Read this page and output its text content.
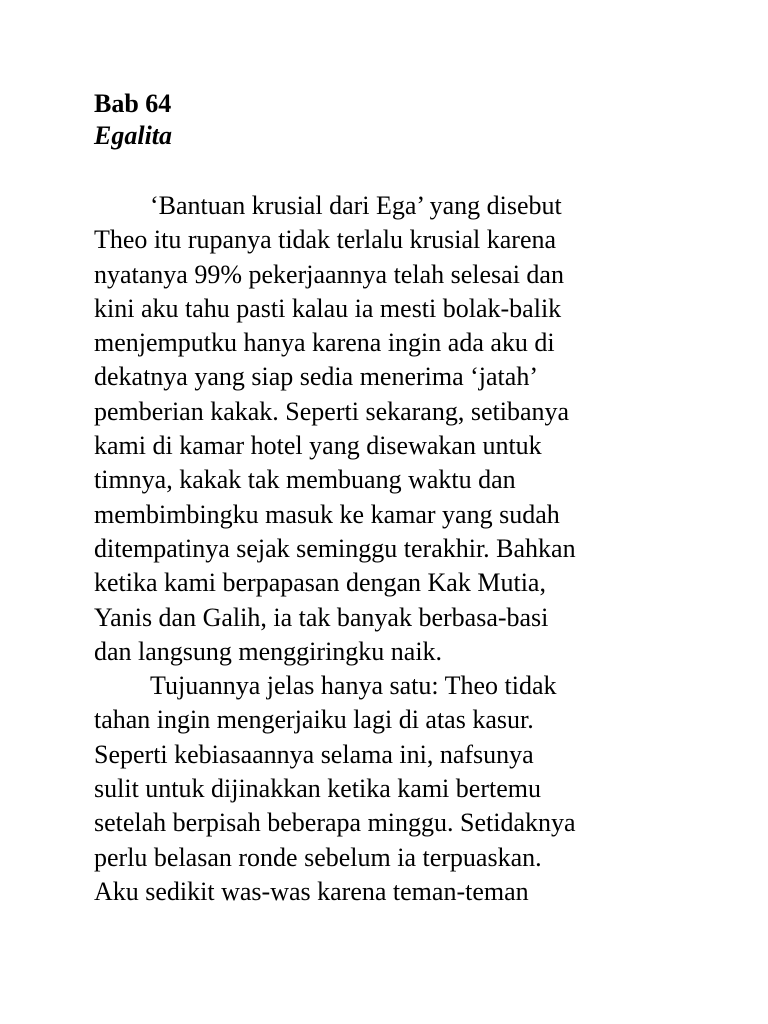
Bab 64
Egalita
‘Bantuan krusial dari Ega’ yang disebut
Theo itu rupanya tidak terlalu krusial karena
nyatanya 99% pekerjaannya telah selesai dan
kini aku tahu pasti kalau ia mesti bolak-balik
menjemputku hanya karena ingin ada aku di
dekatnya yang siap sedia menerima ‘jatah’
pemberian kakak. Seperti sekarang, setibanya
kami di kamar hotel yang disewakan untuk
timnya, kakak tak membuang waktu dan
membimbingku masuk ke kamar yang sudah
ditempatinya sejak seminggu terakhir. Bahkan
ketika kami berpapasan dengan Kak Mutia,
Yanis dan Galih, ia tak banyak berbasa-basi
dan langsung menggiringku naik.
Tujuannya jelas hanya satu: Theo tidak
tahan ingin mengerjaiku lagi di atas kasur.
Seperti kebiasaannya selama ini, nafsunya
sulit untuk dijinakkan ketika kami bertemu
setelah berpisah beberapa minggu. Setidaknya
perlu belasan ronde sebelum ia terpuaskan.
Aku sedikit was-was karena teman-teman
